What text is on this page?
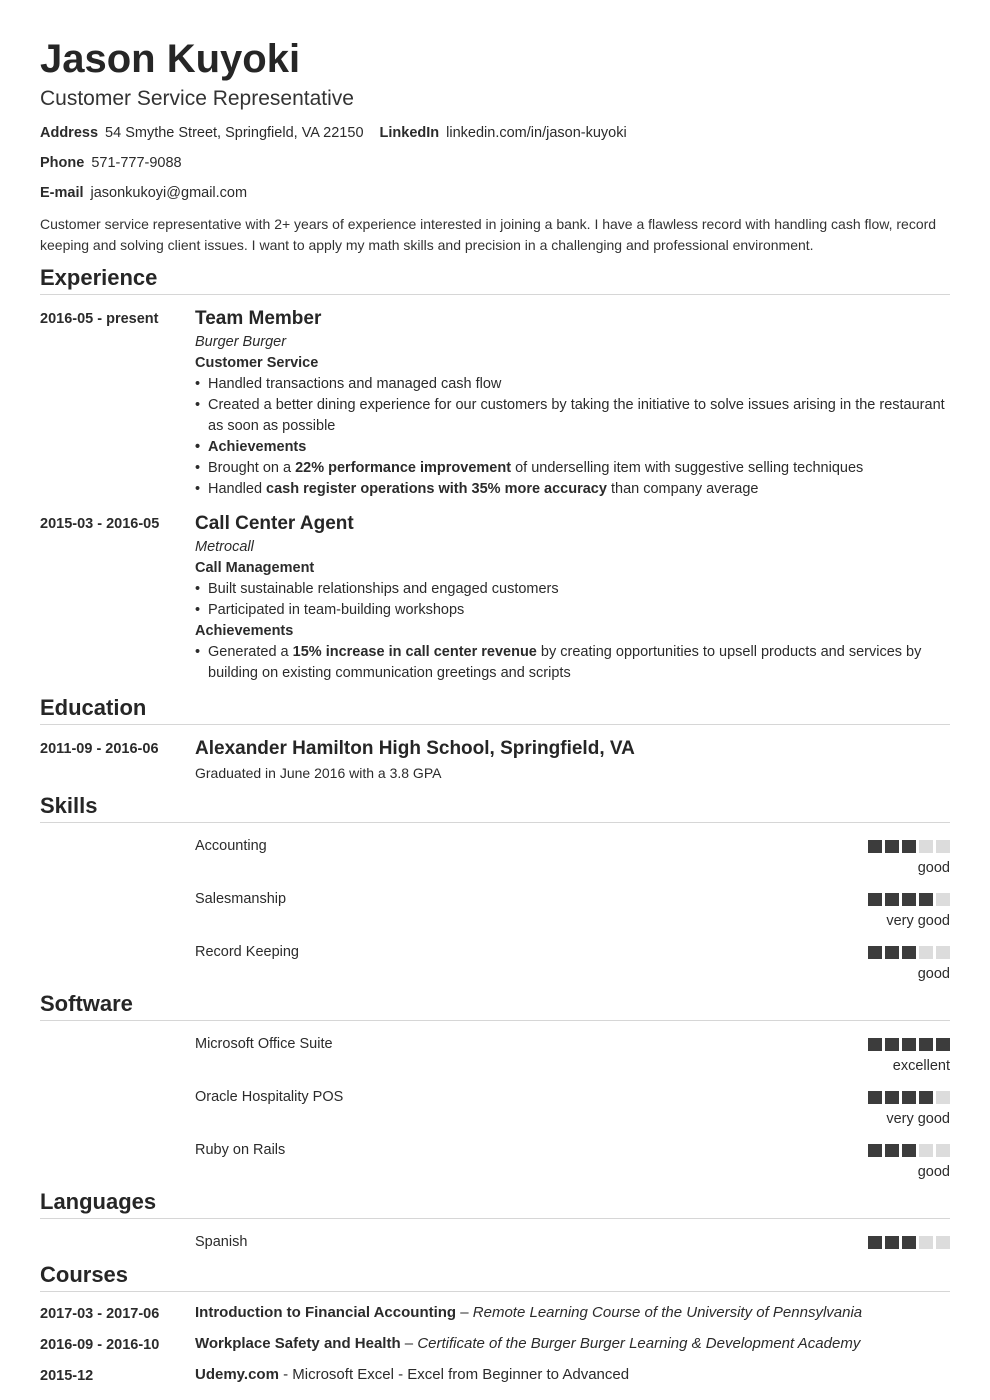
Jason Kuyoki
Customer Service Representative
Address 54 Smythe Street, Springfield, VA 22150 LinkedIn linkedin.com/in/jason-kuyoki
Phone 571-777-9088
E-mail jasonkukoyi@gmail.com
Customer service representative with 2+ years of experience interested in joining a bank. I have a flawless record with handling cash flow, record keeping and solving client issues. I want to apply my math skills and precision in a challenging and professional environment.
Experience
2016-05 - present	Team Member
Burger Burger
Customer Service
• Handled transactions and managed cash flow
• Created a better dining experience for our customers by taking the initiative to solve issues arising in the restaurant as soon as possible
• Achievements
• Brought on a 22% performance improvement of underselling item with suggestive selling techniques
• Handled cash register operations with 35% more accuracy than company average
2015-03 - 2016-05	Call Center Agent
Metrocall
Call Management
• Built sustainable relationships and engaged customers
• Participated in team-building workshops
Achievements
• Generated a 15% increase in call center revenue by creating opportunities to upsell products and services by building on existing communication greetings and scripts
Education
2011-09 - 2016-06	Alexander Hamilton High School, Springfield, VA
Graduated in June 2016 with a 3.8 GPA
Skills
Accounting
good
Salesmanship
very good
Record Keeping
good
Software
Microsoft Office Suite
excellent
Oracle Hospitality POS
very good
Ruby on Rails
good
Languages
Spanish
Courses
2017-03 - 2017-06	Introduction to Financial Accounting – Remote Learning Course of the University of Pennsylvania
2016-09 - 2016-10	Workplace Safety and Health – Certificate of the Burger Burger Learning & Development Academy
2015-12	Udemy.com - Microsoft Excel - Excel from Beginner to Advanced
